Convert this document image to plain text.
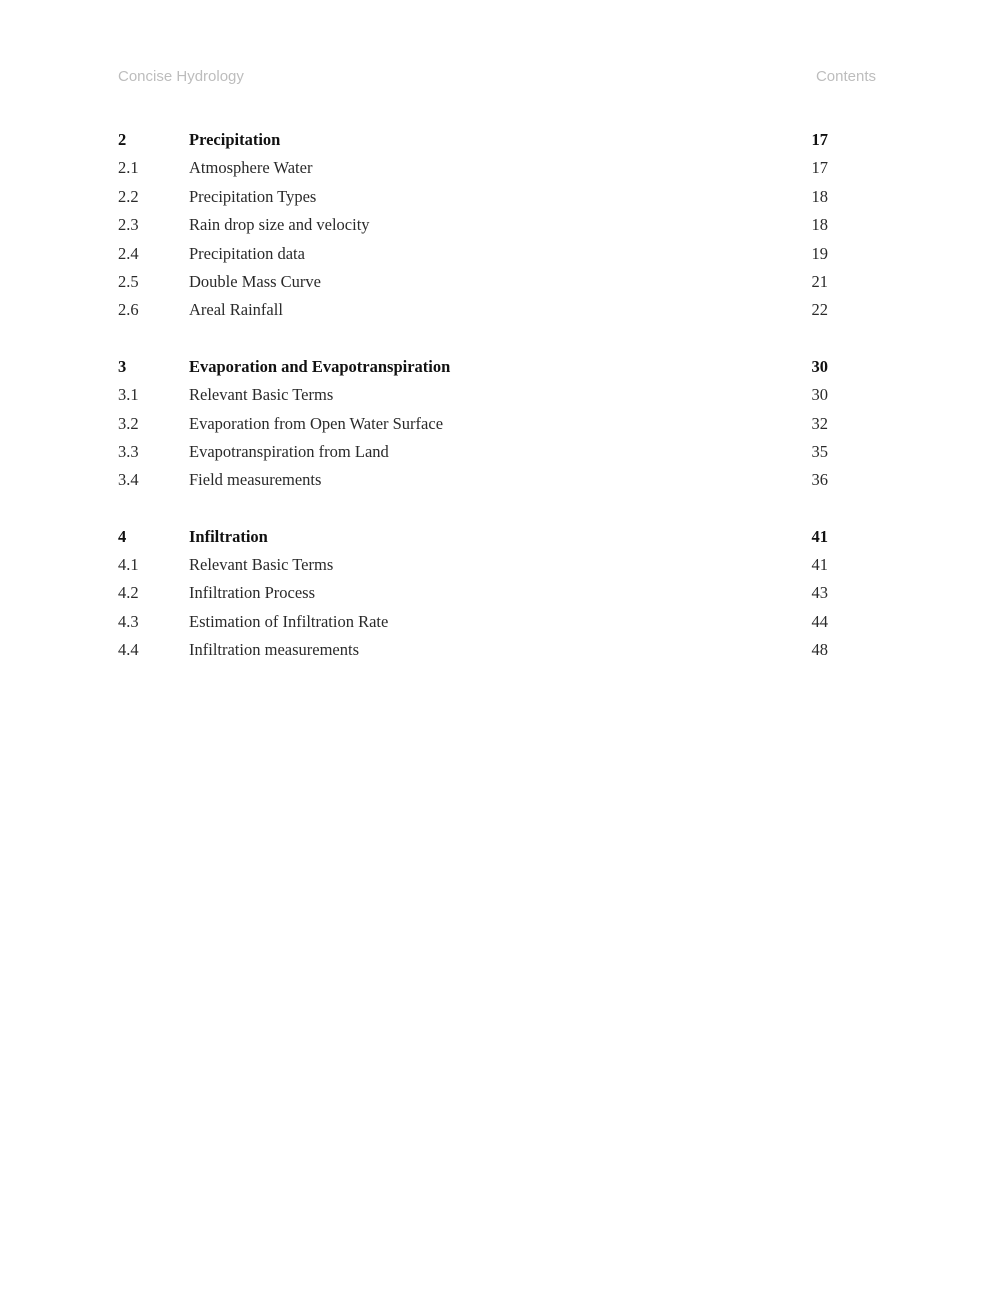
Concise Hydrology	Contents
2	Precipitation	17
2.1	Atmosphere Water	17
2.2	Precipitation Types	18
2.3	Rain drop size and velocity	18
2.4	Precipitation data	19
2.5	Double Mass Curve	21
2.6	Areal Rainfall	22
3	Evaporation and Evapotranspiration	30
3.1	Relevant Basic Terms	30
3.2	Evaporation from Open Water Surface	32
3.3	Evapotranspiration from Land	35
3.4	Field measurements	36
4	Infiltration	41
4.1	Relevant Basic Terms	41
4.2	Infiltration Process	43
4.3	Estimation of Infiltration Rate	44
4.4	Infiltration measurements	48
